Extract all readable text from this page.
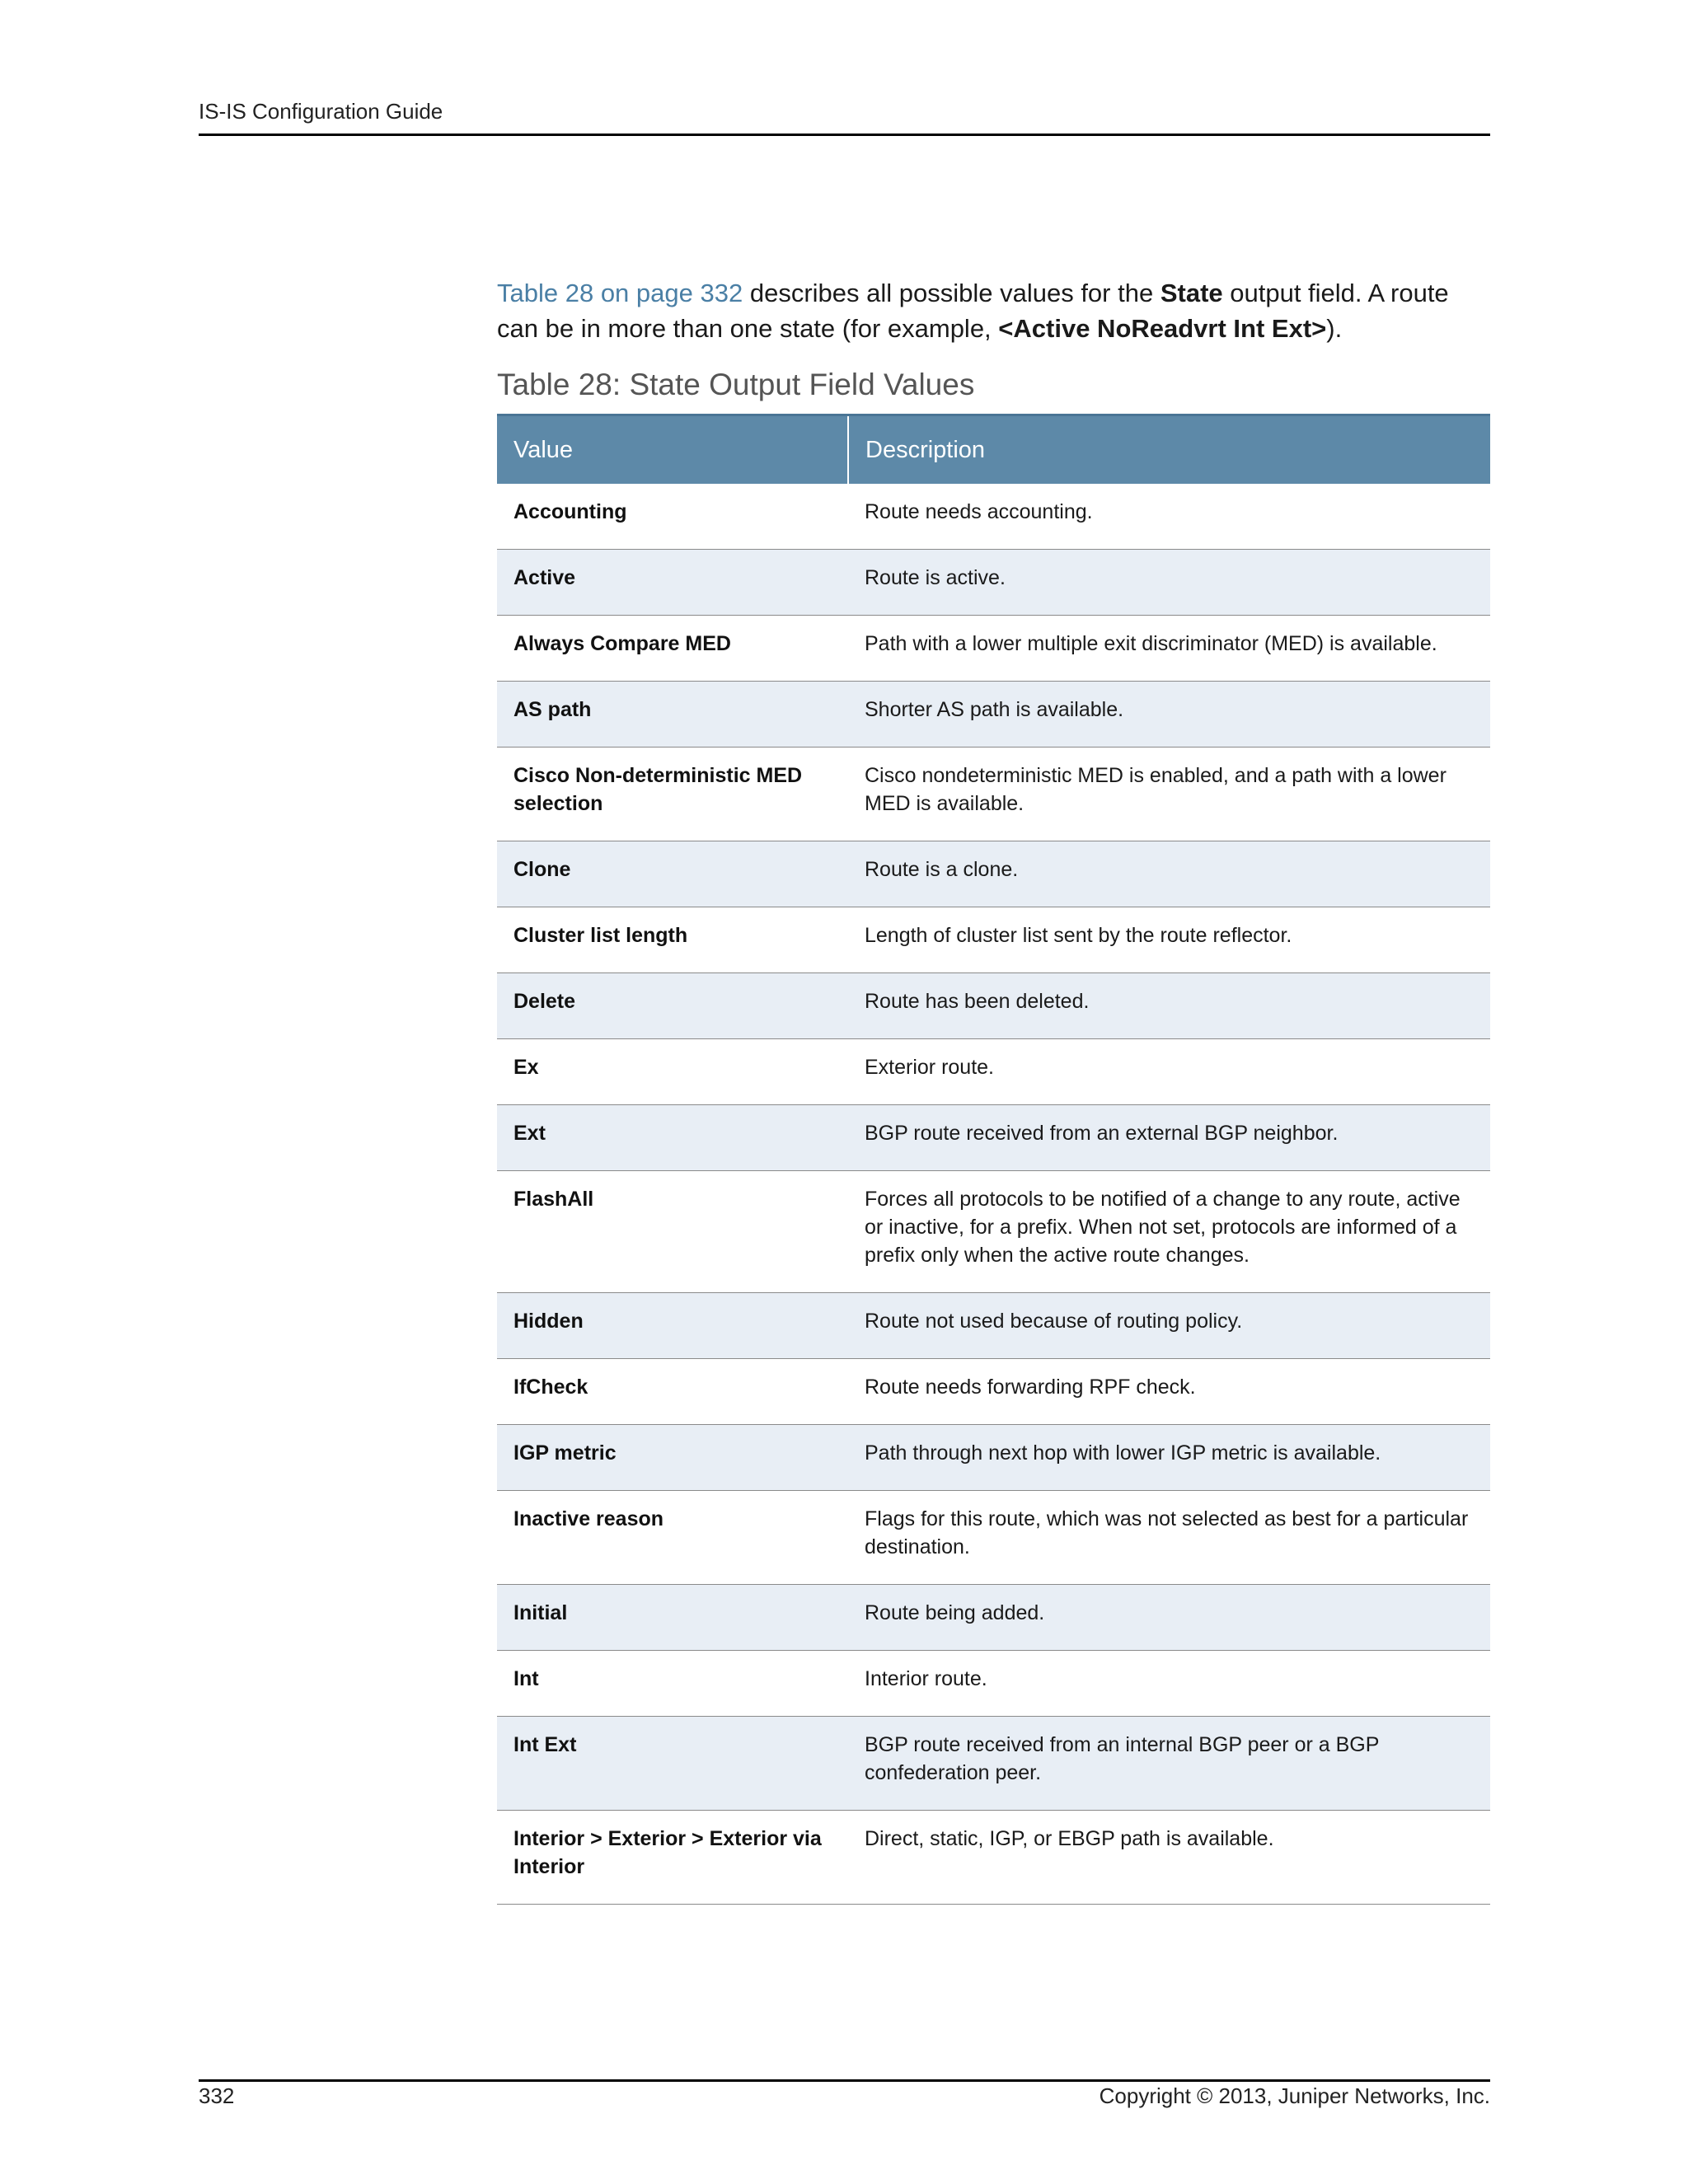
IS-IS Configuration Guide

Table 28 on page 332 describes all possible values for the State output field. A route can be in more than one state (for example, <Active NoReadvrt Int Ext>).

Table 28: State Output Field Values
Value	Description
Accounting	Route needs accounting.
Active	Route is active.
Always Compare MED	Path with a lower multiple exit discriminator (MED) is available.
AS path	Shorter AS path is available.
Cisco Non-deterministic MED selection	Cisco nondeterministic MED is enabled, and a path with a lower MED is available.
Clone	Route is a clone.
Cluster list length	Length of cluster list sent by the route reflector.
Delete	Route has been deleted.
Ex	Exterior route.
Ext	BGP route received from an external BGP neighbor.
FlashAll	Forces all protocols to be notified of a change to any route, active or inactive, for a prefix. When not set, protocols are informed of a prefix only when the active route changes.
Hidden	Route not used because of routing policy.
IfCheck	Route needs forwarding RPF check.
IGP metric	Path through next hop with lower IGP metric is available.
Inactive reason	Flags for this route, which was not selected as best for a particular destination.
Initial	Route being added.
Int	Interior route.
Int Ext	BGP route received from an internal BGP peer or a BGP confederation peer.
Interior > Exterior > Exterior via Interior	Direct, static, IGP, or EBGP path is available.
332	Copyright © 2013, Juniper Networks, Inc.
